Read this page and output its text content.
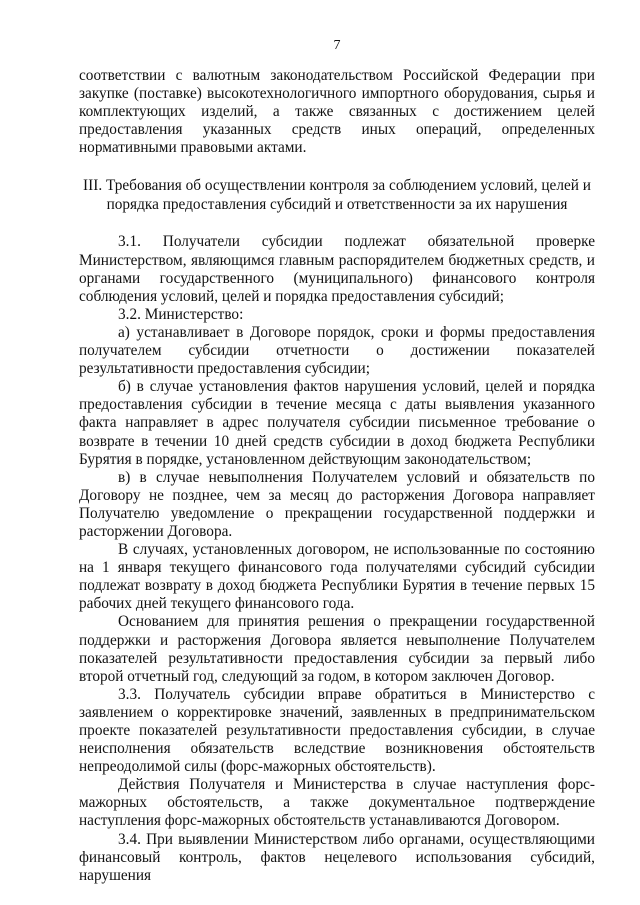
7

соответствии с валютным законодательством Российской Федерации при закупке (поставке) высокотехнологичного импортного оборудования, сырья и комплектующих изделий, а также связанных с достижением целей предоставления указанных средств иных операций, определенных нормативными правовыми актами.

III. Требования об осуществлении контроля за соблюдением условий, целей и порядка предоставления субсидий и ответственности за их нарушения

3.1. Получатели субсидии подлежат обязательной проверке Министерством, являющимся главным распорядителем бюджетных средств, и органами государственного (муниципального) финансового контроля соблюдения условий, целей и порядка предоставления субсидий;

3.2. Министерство:

а) устанавливает в Договоре порядок, сроки и формы предоставления получателем субсидии отчетности о достижении показателей результативности предоставления субсидии;

б) в случае установления фактов нарушения условий, целей и порядка предоставления субсидии в течение месяца с даты выявления указанного факта направляет в адрес получателя субсидии письменное требование о возврате в течении 10 дней средств субсидии в доход бюджета Республики Бурятия в порядке, установленном действующим законодательством;

в) в случае невыполнения Получателем условий и обязательств по Договору не позднее, чем за месяц до расторжения Договора направляет Получателю уведомление о прекращении государственной поддержки и расторжении Договора.

В случаях, установленных договором, не использованные по состоянию на 1 января текущего финансового года получателями субсидий субсидии подлежат возврату в доход бюджета Республики Бурятия в течение первых 15 рабочих дней текущего финансового года.

Основанием для принятия решения о прекращении государственной поддержки и расторжения Договора является невыполнение Получателем показателей результативности предоставления субсидии за первый либо второй отчетный год, следующий за годом, в котором заключен Договор.

3.3. Получатель субсидии вправе обратиться в Министерство с заявлением о корректировке значений, заявленных в предпринимательском проекте показателей результативности предоставления субсидии, в случае неисполнения обязательств вследствие возникновения обстоятельств непреодолимой силы (форс-мажорных обстоятельств).

Действия Получателя и Министерства в случае наступления форс-мажорных обстоятельств, а также документальное подтверждение наступления форс-мажорных обстоятельств устанавливаются Договором.

3.4. При выявлении Министерством либо органами, осуществляющими финансовый контроль, фактов нецелевого использования субсидий, нарушения
